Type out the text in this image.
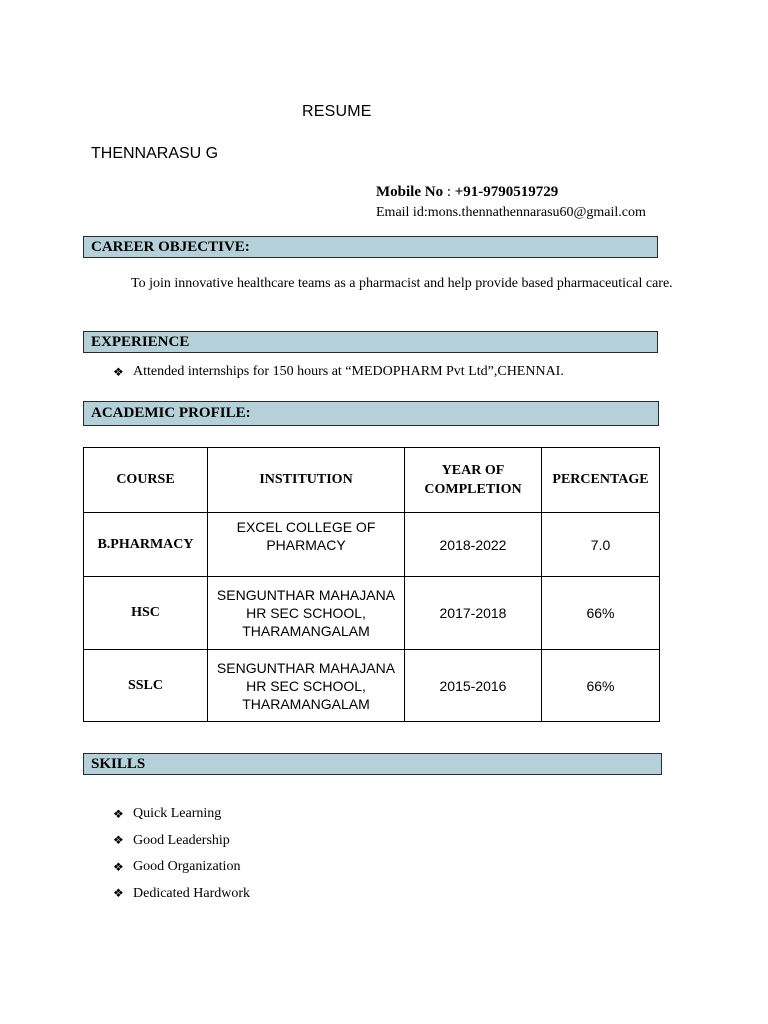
RESUME
THENNARASU G
Mobile No : +91-9790519729
Email id:mons.thennathennarasu60@gmail.com
CAREER OBJECTIVE:
To join innovative healthcare teams as a pharmacist and help provide based pharmaceutical care.
EXPERIENCE
❖ Attended internships for 150 hours at “MEDOPHARM Pvt Ltd”,CHENNAI.
ACADEMIC PROFILE:
COURSE	INSTITUTION	YEAR OF COMPLETION	PERCENTAGE
B.PHARMACY	EXCEL COLLEGE OF PHARMACY	2018-2022	7.0
HSC	SENGUNTHAR MAHAJANA HR SEC SCHOOL, THARAMANGALAM	2017-2018	66%
SSLC	SENGUNTHAR MAHAJANA HR SEC SCHOOL, THARAMANGALAM	2015-2016	66%
SKILLS
❖ Quick Learning
❖ Good Leadership
❖ Good Organization
❖ Dedicated Hardwork
